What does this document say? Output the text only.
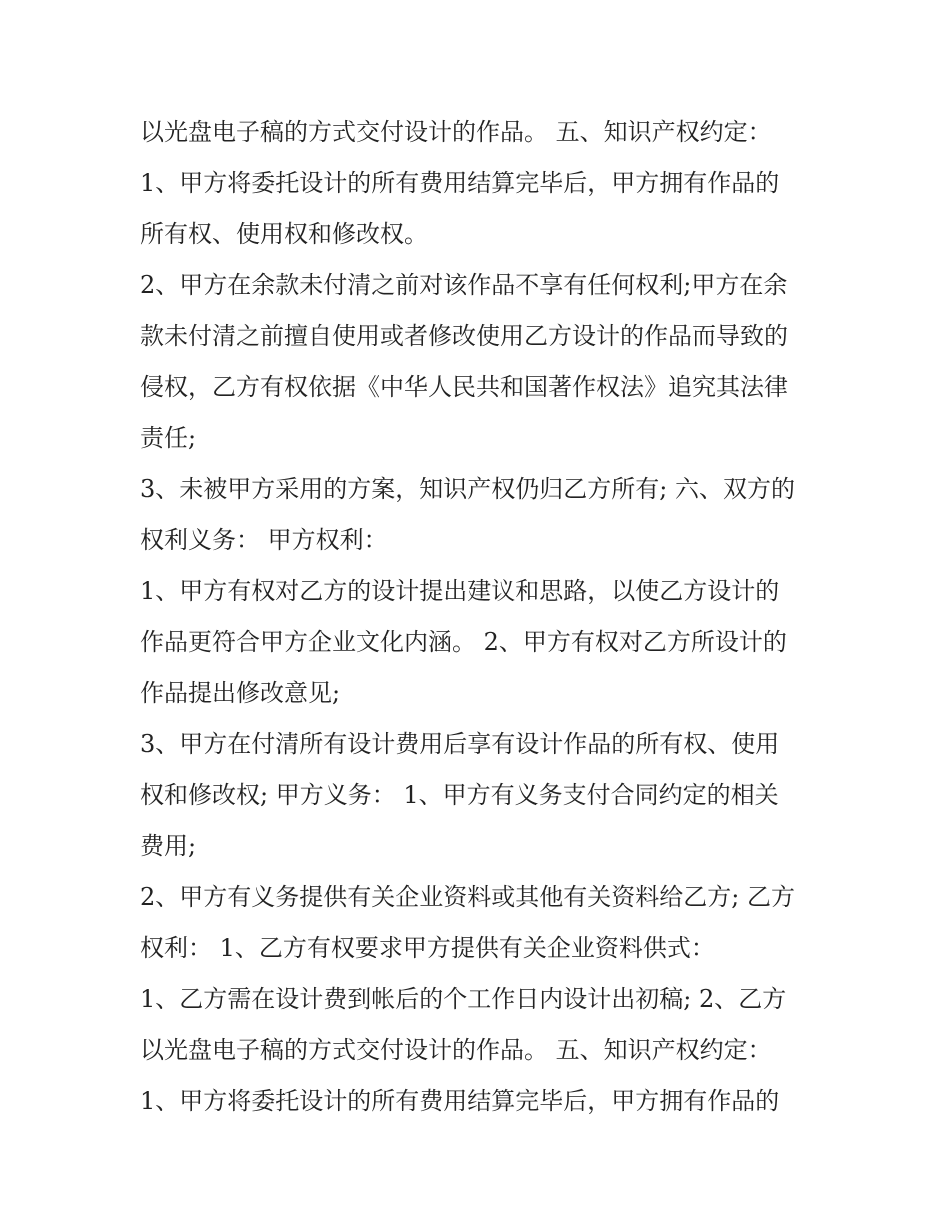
以光盘电子稿的方式交付设计的作品。 五、知识产权约定：
1、甲方将委托设计的所有费用结算完毕后，甲方拥有作品的
所有权、使用权和修改权。
2、甲方在余款未付清之前对该作品不享有任何权利;甲方在余
款未付清之前擅自使用或者修改使用乙方设计的作品而导致的
侵权，乙方有权依据《中华人民共和国著作权法》追究其法律
责任;
3、未被甲方采用的方案，知识产权仍归乙方所有; 六、双方的
权利义务： 甲方权利：
1、甲方有权对乙方的设计提出建议和思路，以使乙方设计的
作品更符合甲方企业文化内涵。 2、甲方有权对乙方所设计的
作品提出修改意见;
3、甲方在付清所有设计费用后享有设计作品的所有权、使用
权和修改权; 甲方义务： 1、甲方有义务支付合同约定的相关
费用;
2、甲方有义务提供有关企业资料或其他有关资料给乙方; 乙方
权利： 1、乙方有权要求甲方提供有关企业资料供式：
1、乙方需在设计费到帐后的个工作日内设计出初稿; 2、乙方
以光盘电子稿的方式交付设计的作品。 五、知识产权约定：
1、甲方将委托设计的所有费用结算完毕后，甲方拥有作品的
